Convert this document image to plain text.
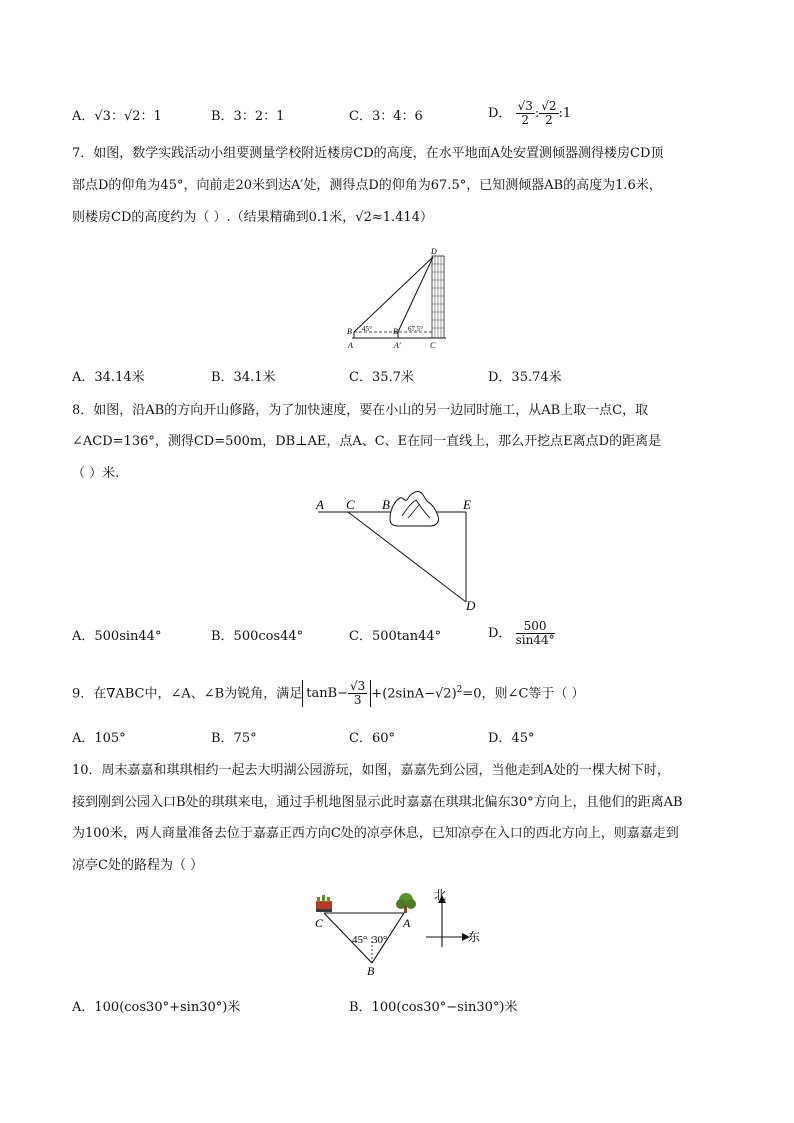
A．√3：√2：1	B．3：2：1	C．3：4：6	D． $\frac{√3}{2}$ : $\frac{√2}{2}$ :1
7．如图，数学实践活动小组要测量学校附近楼房CD的高度，在水平地面A处安置测倾器测得楼房CD顶
部点D的仰角为45°，向前走20米到达A′处，测得点D的仰角为67.5°，已知测倾器AB的高度为1.6米，
则楼房CD的高度约为（ ）.（结果精确到0.1米，√2≈1.414）
D
B 45°	B′ 67.5°
A	A′	C
A．34.14米	B．34.1米	C．35.7米	D．35.74米
8．如图，沿AB的方向开山修路，为了加快速度，要在小山的另一边同时施工，从AB上取一点C，取
∠ACD=136°，测得CD=500m，DB⊥AE，点A、C、E在同一直线上，那么开挖点E离点D的距离是
（ ）米.
A C B	E
D
A．500sin44°	B．500cos44°	C．500tan44°	D． $\frac{500}{\sin 44^\circ}$
9．在∇ABC中，∠A、∠B为锐角，满足 $\tan B- \frac{√3}{3} +(2\sin A-√2)^2=0$，则∠C等于（ ）
A．105°	B．75°	C．60°	D．45°
10．周末嘉嘉和琪琪相约一起去大明湖公园游玩，如图，嘉嘉先到公园，当他走到A处的一棵大树下时，
接到刚到公园入口B处的琪琪来电，通过手机地图显示此时嘉嘉在琪琪北偏东30°方向上，且他们的距离AB
为100米，两人商量准备去位于嘉嘉正西方向C处的凉亭休息，已知凉亭在入口的西北方向上，则嘉嘉走到
凉亭C处的路程为（ ）
C	A
B
45° 30°
北
东
A．100(cos30°+sin30°)米	B．100(cos30°−sin30°)米
